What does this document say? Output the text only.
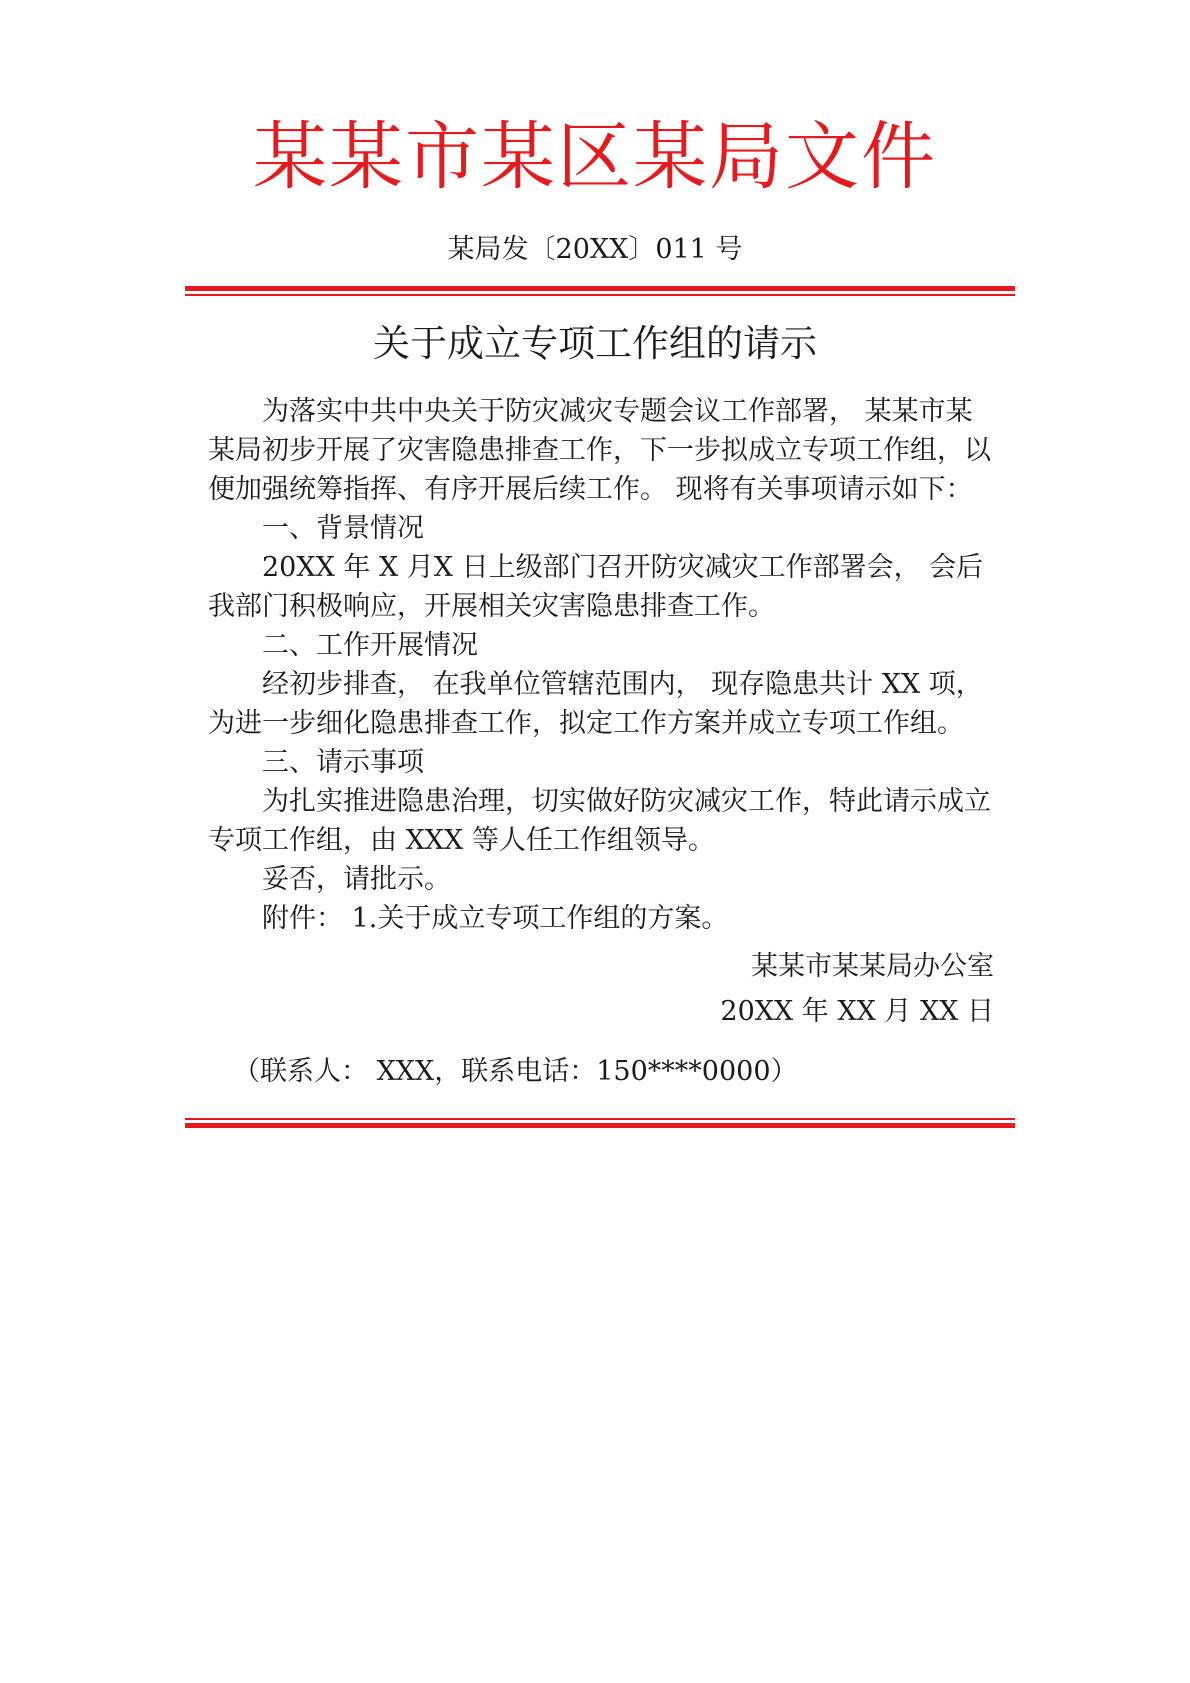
某某市某区某局文件
某局发〔20XX〕011 号
关于成立专项工作组的请示

为落实中共中央关于防灾减灾专题会议工作部署， 某某市某某局初步开展了灾害隐患排查工作，下一步拟成立专项工作组，以便加强统筹指挥、有序开展后续工作。 现将有关事项请示如下：

一、背景情况

20XX 年 X 月X 日上级部门召开防灾减灾工作部署会， 会后我部门积极响应，开展相关灾害隐患排查工作。

二、工作开展情况

经初步排查， 在我单位管辖范围内， 现存隐患共计 XX 项，为进一步细化隐患排查工作，拟定工作方案并成立专项工作组。

三、请示事项

为扎实推进隐患治理，切实做好防灾减灾工作，特此请示成立专项工作组，由 XXX 等人任工作组领导。

妥否，请批示。

附件： 1.关于成立专项工作组的方案。

某某市某某局办公室
20XX 年 XX 月 XX 日
（联系人： XXX，联系电话：150****0000）
